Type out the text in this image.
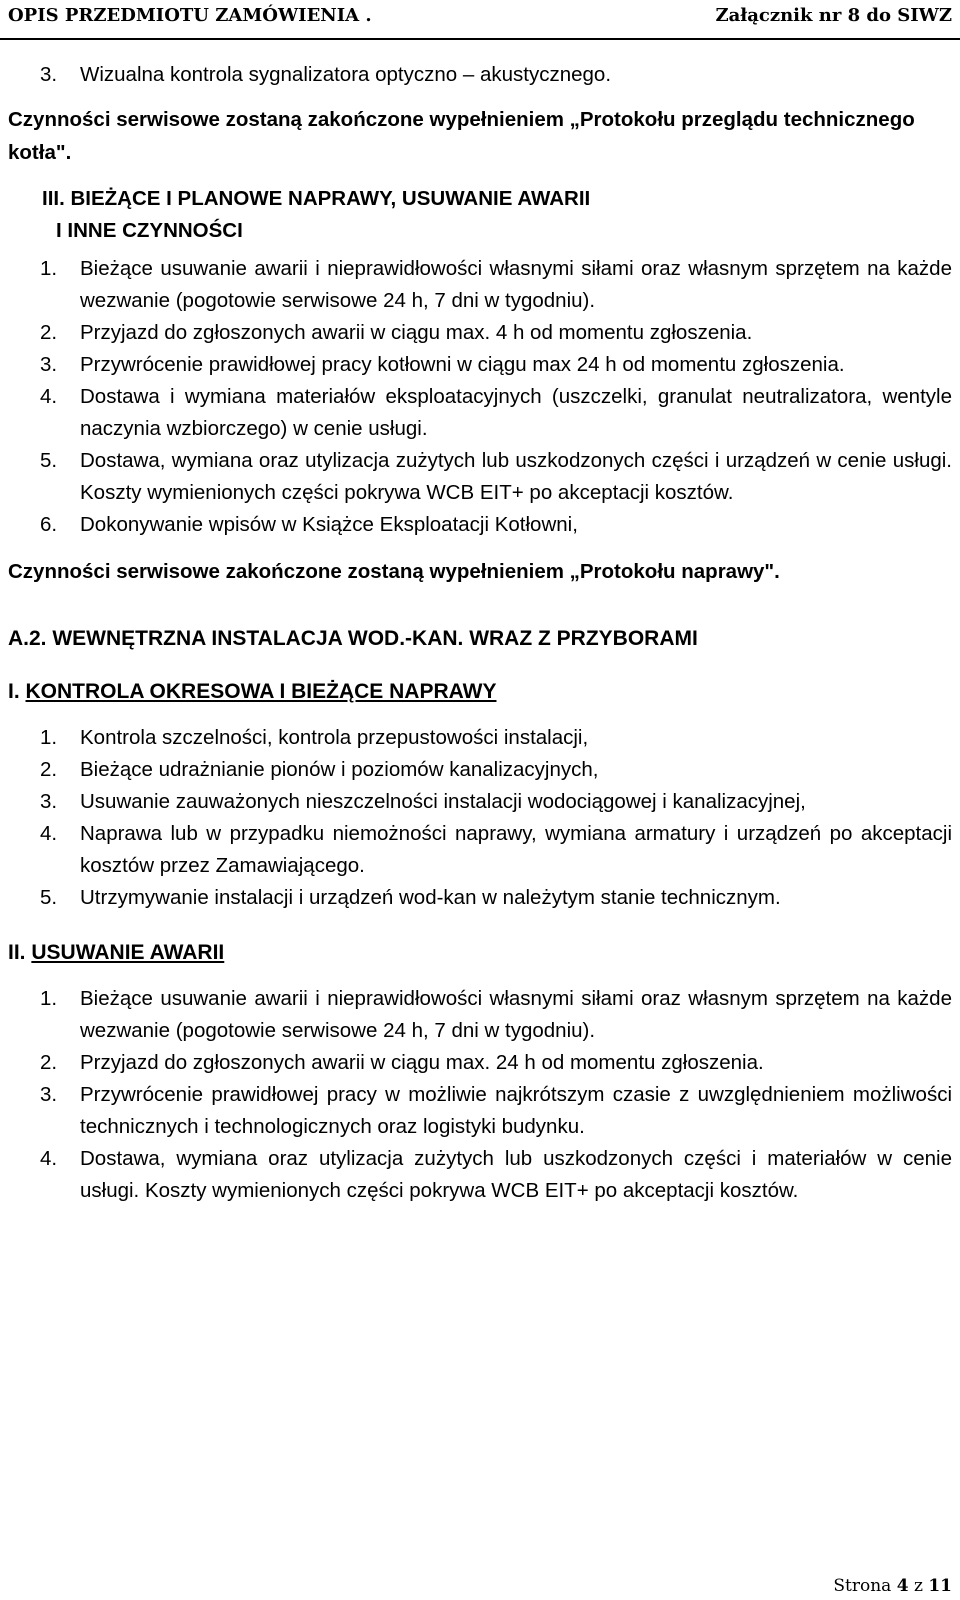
OPIS PRZEDMIOTU ZAMÓWIENIA .	Załącznik nr 8 do SIWZ
3.	Wizualna kontrola sygnalizatora optyczno – akustycznego.

Czynności serwisowe zostaną zakończone wypełnieniem „Protokołu przeglądu technicznego kotła".

III. BIEŻĄCE I PLANOWE NAPRAWY, USUWANIE AWARII
I INNE CZYNNOŚCI
1.	Bieżące usuwanie awarii i nieprawidłowości własnymi siłami oraz własnym sprzętem na każde wezwanie (pogotowie serwisowe 24 h, 7 dni w tygodniu).
2.	Przyjazd do zgłoszonych awarii w ciągu max. 4 h od momentu zgłoszenia.
3.	Przywrócenie prawidłowej pracy kotłowni w ciągu max 24 h od momentu zgłoszenia.
4.	Dostawa i wymiana materiałów eksploatacyjnych (uszczelki, granulat neutralizatora, wentyle naczynia wzbiorczego) w cenie usługi.
5.	Dostawa, wymiana oraz utylizacja zużytych lub uszkodzonych części i urządzeń w cenie usługi. Koszty wymienionych części pokrywa WCB EIT+ po akceptacji kosztów.
6.	Dokonywanie wpisów w Książce Eksploatacji Kotłowni,

Czynności serwisowe zakończone zostaną wypełnieniem „Protokołu naprawy".

A.2. WEWNĘTRZNA INSTALACJA WOD.-KAN. WRAZ Z PRZYBORAMI

I. KONTROLA OKRESOWA I BIEŻĄCE NAPRAWY
1.	Kontrola szczelności, kontrola przepustowości instalacji,
2.	Bieżące udrażnianie pionów i poziomów kanalizacyjnych,
3.	Usuwanie zauważonych nieszczelności instalacji wodociągowej i kanalizacyjnej,
4.	Naprawa lub w przypadku niemożności naprawy, wymiana armatury i urządzeń po akceptacji kosztów przez Zamawiającego.
5.	Utrzymywanie instalacji i urządzeń wod-kan w należytym stanie technicznym.
II. USUWANIE AWARII
1.	Bieżące usuwanie awarii i nieprawidłowości własnymi siłami oraz własnym sprzętem na każde wezwanie (pogotowie serwisowe 24 h, 7 dni w tygodniu).
2.	Przyjazd do zgłoszonych awarii w ciągu max. 24 h od momentu zgłoszenia.
3.	Przywrócenie prawidłowej pracy w możliwie najkrótszym czasie z uwzględnieniem możliwości technicznych i technologicznych oraz logistyki budynku.
4.	Dostawa, wymiana oraz utylizacja zużytych lub uszkodzonych części i materiałów w cenie usługi. Koszty wymienionych części pokrywa WCB EIT+ po akceptacji kosztów.
Strona 4 z 11
